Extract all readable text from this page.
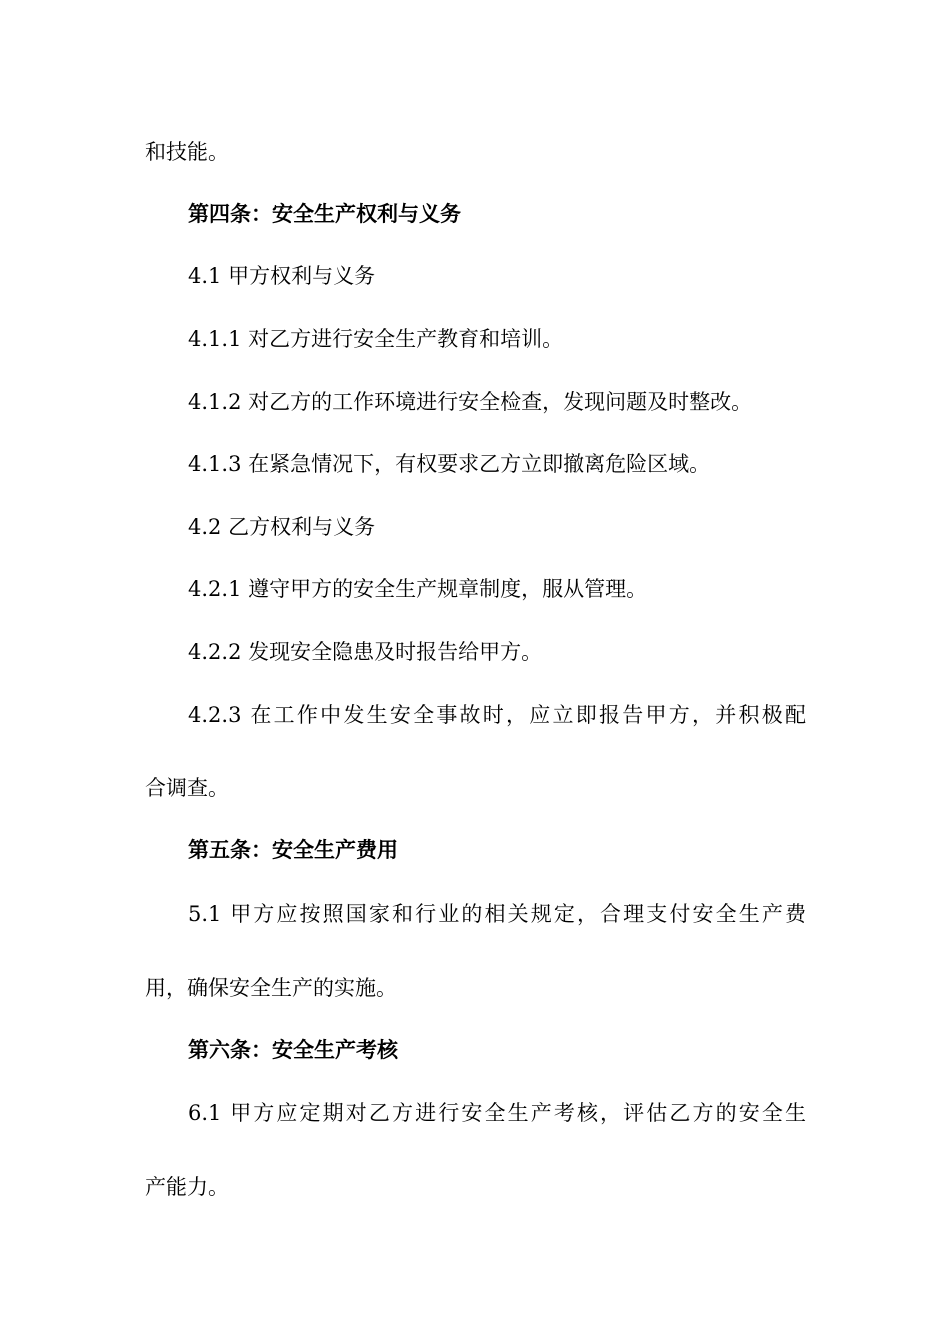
和技能。

第四条：安全生产权利与义务

4.1 甲方权利与义务

4.1.1 对乙方进行安全生产教育和培训。

4.1.2 对乙方的工作环境进行安全检查，发现问题及时整改。

4.1.3 在紧急情况下，有权要求乙方立即撤离危险区域。

4.2 乙方权利与义务

4.2.1 遵守甲方的安全生产规章制度，服从管理。

4.2.2 发现安全隐患及时报告给甲方。

4.2.3 在工作中发生安全事故时，应立即报告甲方，并积极配

合调查。

第五条：安全生产费用

5.1 甲方应按照国家和行业的相关规定，合理支付安全生产费

用，确保安全生产的实施。

第六条：安全生产考核

6.1 甲方应定期对乙方进行安全生产考核，评估乙方的安全生

产能力。
